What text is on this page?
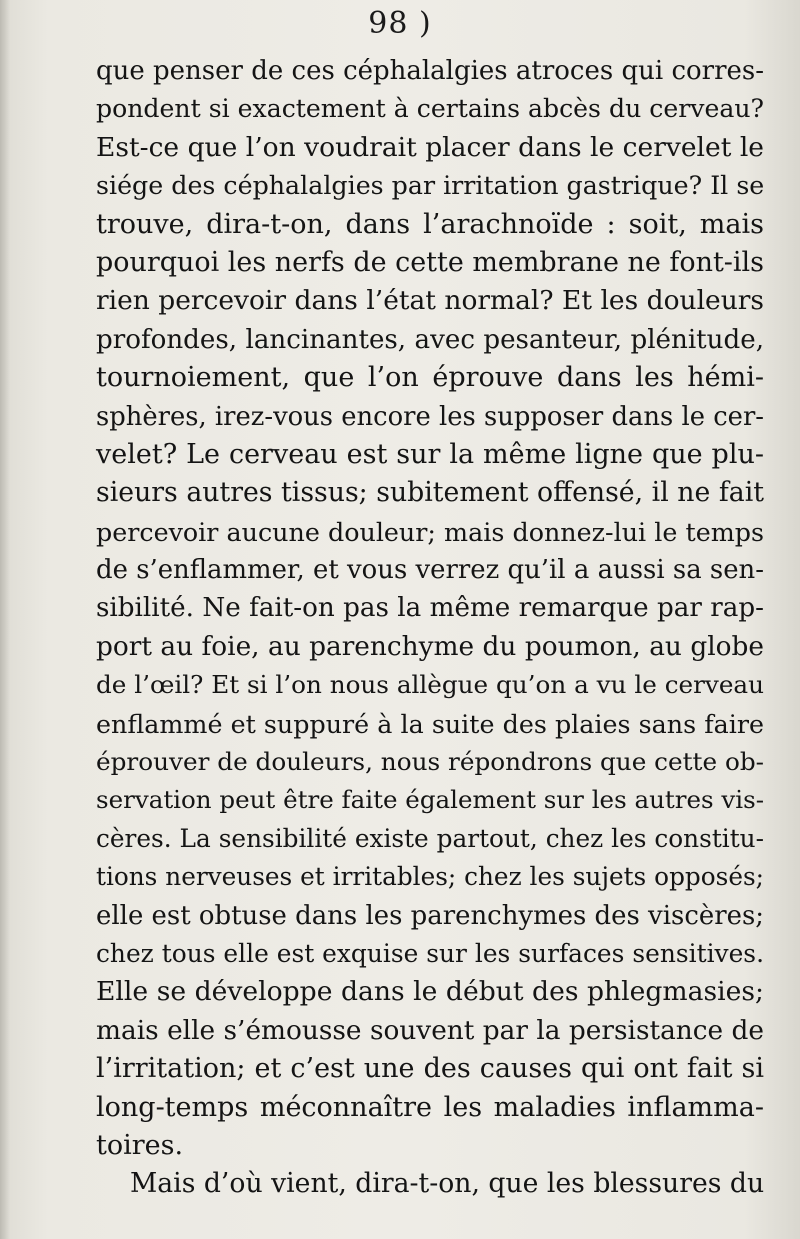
98 )
que penser de ces céphalalgies atroces qui corres-
pondent si exactement à certains abcès du cerveau?
Est-ce que l’on voudrait placer dans le cervelet le
siége des céphalalgies par irritation gastrique? Il se
trouve, dira-t-on, dans l’arachnoïde : soit, mais
pourquoi les nerfs de cette membrane ne font-ils
rien percevoir dans l’état normal? Et les douleurs
profondes, lancinantes, avec pesanteur, plénitude,
tournoiement, que l’on éprouve dans les hémi-
sphères, irez-vous encore les supposer dans le cer-
velet? Le cerveau est sur la même ligne que plu-
sieurs autres tissus; subitement offensé, il ne fait
percevoir aucune douleur; mais donnez-lui le temps
de s’enflammer, et vous verrez qu’il a aussi sa sen-
sibilité. Ne fait-on pas la même remarque par rap-
port au foie, au parenchyme du poumon, au globe
de l’œil? Et si l’on nous allègue qu’on a vu le cerveau
enflammé et suppuré à la suite des plaies sans faire
éprouver de douleurs, nous répondrons que cette ob-
servation peut être faite également sur les autres vis-
cères. La sensibilité existe partout, chez les constitu-
tions nerveuses et irritables; chez les sujets opposés;
elle est obtuse dans les parenchymes des viscères;
chez tous elle est exquise sur les surfaces sensitives.
Elle se développe dans le début des phlegmasies;
mais elle s’émousse souvent par la persistance de
l’irritation; et c’est une des causes qui ont fait si
long-temps méconnaître les maladies inflamma-
toires.
Mais d’où vient, dira-t-on, que les blessures du
